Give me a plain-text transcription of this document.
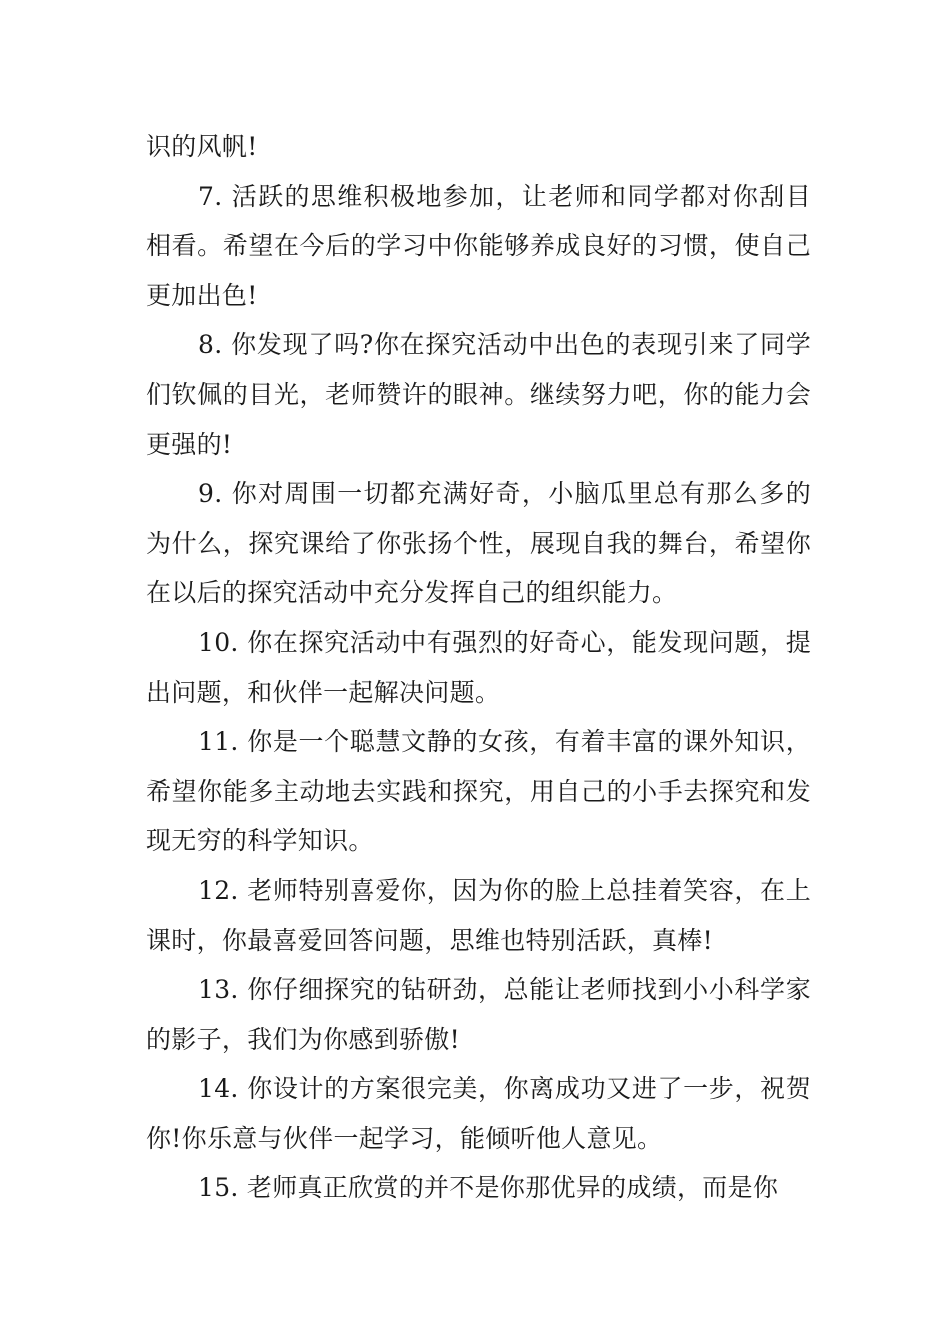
识的风帆!

7. 活跃的思维积极地参加，让老师和同学都对你刮目相看。希望在今后的学习中你能够养成良好的习惯，使自己更加出色!

8. 你发现了吗?你在探究活动中出色的表现引来了同学们钦佩的目光，老师赞许的眼神。继续努力吧，你的能力会更强的!

9. 你对周围一切都充满好奇，小脑瓜里总有那么多的为什么，探究课给了你张扬个性，展现自我的舞台，希望你在以后的探究活动中充分发挥自己的组织能力。

10. 你在探究活动中有强烈的好奇心，能发现问题，提出问题，和伙伴一起解决问题。

11. 你是一个聪慧文静的女孩，有着丰富的课外知识，希望你能多主动地去实践和探究，用自己的小手去探究和发现无穷的科学知识。

12. 老师特别喜爱你，因为你的脸上总挂着笑容，在上课时，你最喜爱回答问题，思维也特别活跃，真棒!

13. 你仔细探究的钻研劲，总能让老师找到小小科学家的影子，我们为你感到骄傲!

14. 你设计的方案很完美，你离成功又进了一步，祝贺你!你乐意与伙伴一起学习，能倾听他人意见。

15. 老师真正欣赏的并不是你那优异的成绩，而是你
